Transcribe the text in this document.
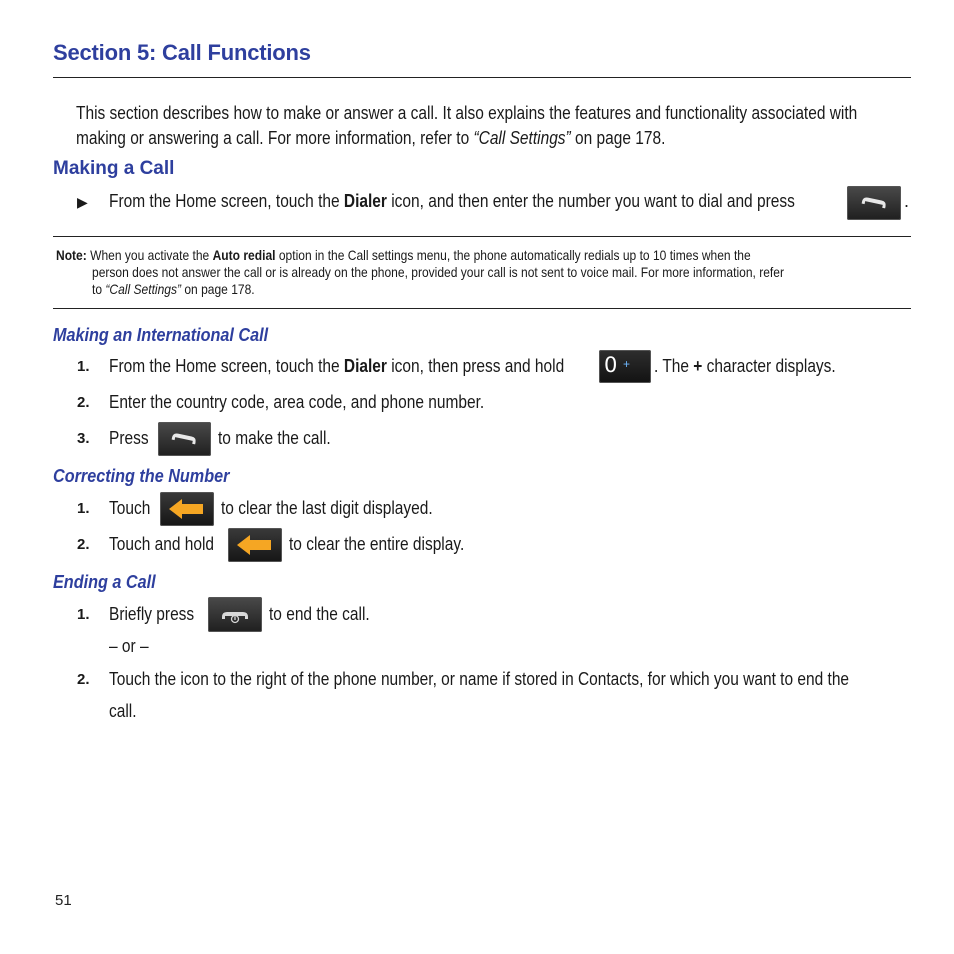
Section 5: Call Functions
This section describes how to make or answer a call. It also explains the features and functionality associated with
making or answering a call. For more information, refer to “Call Settings” on page 178.
Making a Call
▶ From the Home screen, touch the Dialer icon, and then enter the number you want to dial and press	.
Note: When you activate the Auto redial option in the Call settings menu, the phone automatically redials up to 10 times when the
person does not answer the call or is already on the phone, provided your call is not sent to voice mail. For more information, refer
to “Call Settings” on page 178.
Making an International Call
1. From the Home screen, touch the Dialer icon, then press and hold	0 + . The + character displays.
2. Enter the country code, area code, and phone number.
3. Press	to make the call.
Correcting the Number
1. Touch	to clear the last digit displayed.
2. Touch and hold	to clear the entire display.
Ending a Call
1. Briefly press	to end the call.
– or –
2. Touch the icon to the right of the phone number, or name if stored in Contacts, for which you want to end the
call.
51
